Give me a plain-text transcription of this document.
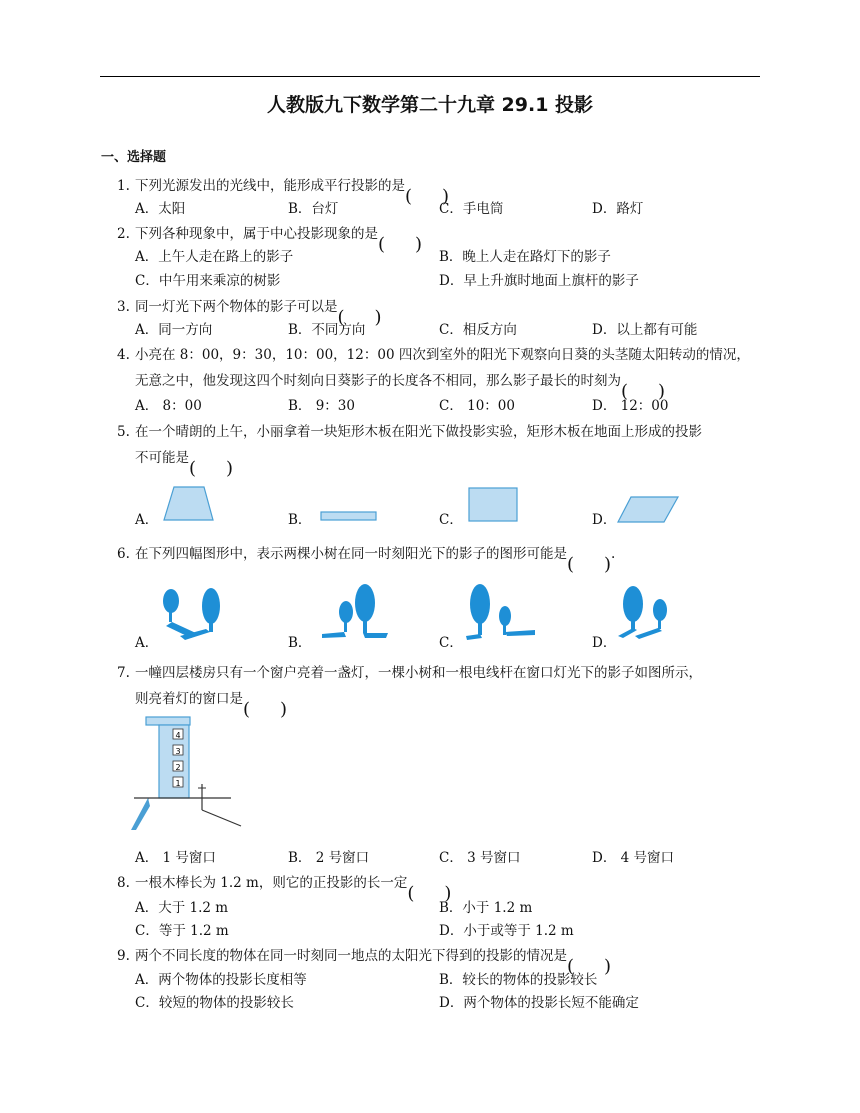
人教版九下数学第二十九章 29.1 投影
一、选择题
1. 下列光源发出的光线中，能形成平行投影的是
A．太阳	B．台灯	C．手电筒	D．路灯
2. 下列各种现象中，属于中心投影现象的是
A．上午人走在路上的影子	B．晚上人走在路灯下的影子
C．中午用来乘凉的树影	D．早上升旗时地面上旗杆的影子
3. 同一灯光下两个物体的影子可以是
A．同一方向	B．不同方向	C．相反方向	D．以上都有可能
4. 小亮在 8：00，9：30，10：00，12：00 四次到室外的阳光下观察向日葵的头茎随太阳转动的情况，
无意之中，他发现这四个时刻向日葵影子的长度各不相同，那么影子最长的时刻为
A． 8：00	B． 9：30	C． 10：00	D． 12：00
5. 在一个晴朗的上午，小丽拿着一块矩形木板在阳光下做投影实验，矩形木板在地面上形成的投影
不可能是
A．	B．	C．	D．
6. 在下列四幅图形中，表示两棵小树在同一时刻阳光下的影子的图形可能是	.
A．	B．	C．	D．
7. 一幢四层楼房只有一个窗户亮着一盏灯，一棵小树和一根电线杆在窗口灯光下的影子如图所示，
则亮着灯的窗口是
4
3
2
1
A． 1 号窗口	B． 2 号窗口	C． 3 号窗口	D． 4 号窗口
8. 一根木棒长为 1.2 m，则它的正投影的长一定
A．大于 1.2 m	B．小于 1.2 m
C．等于 1.2 m	D．小于或等于 1.2 m
9. 两个不同长度的物体在同一时刻同一地点的太阳光下得到的投影的情况是
A．两个物体的投影长度相等	B．较长的物体的投影较长
C．较短的物体的投影较长	D．两个物体的投影长短不能确定
